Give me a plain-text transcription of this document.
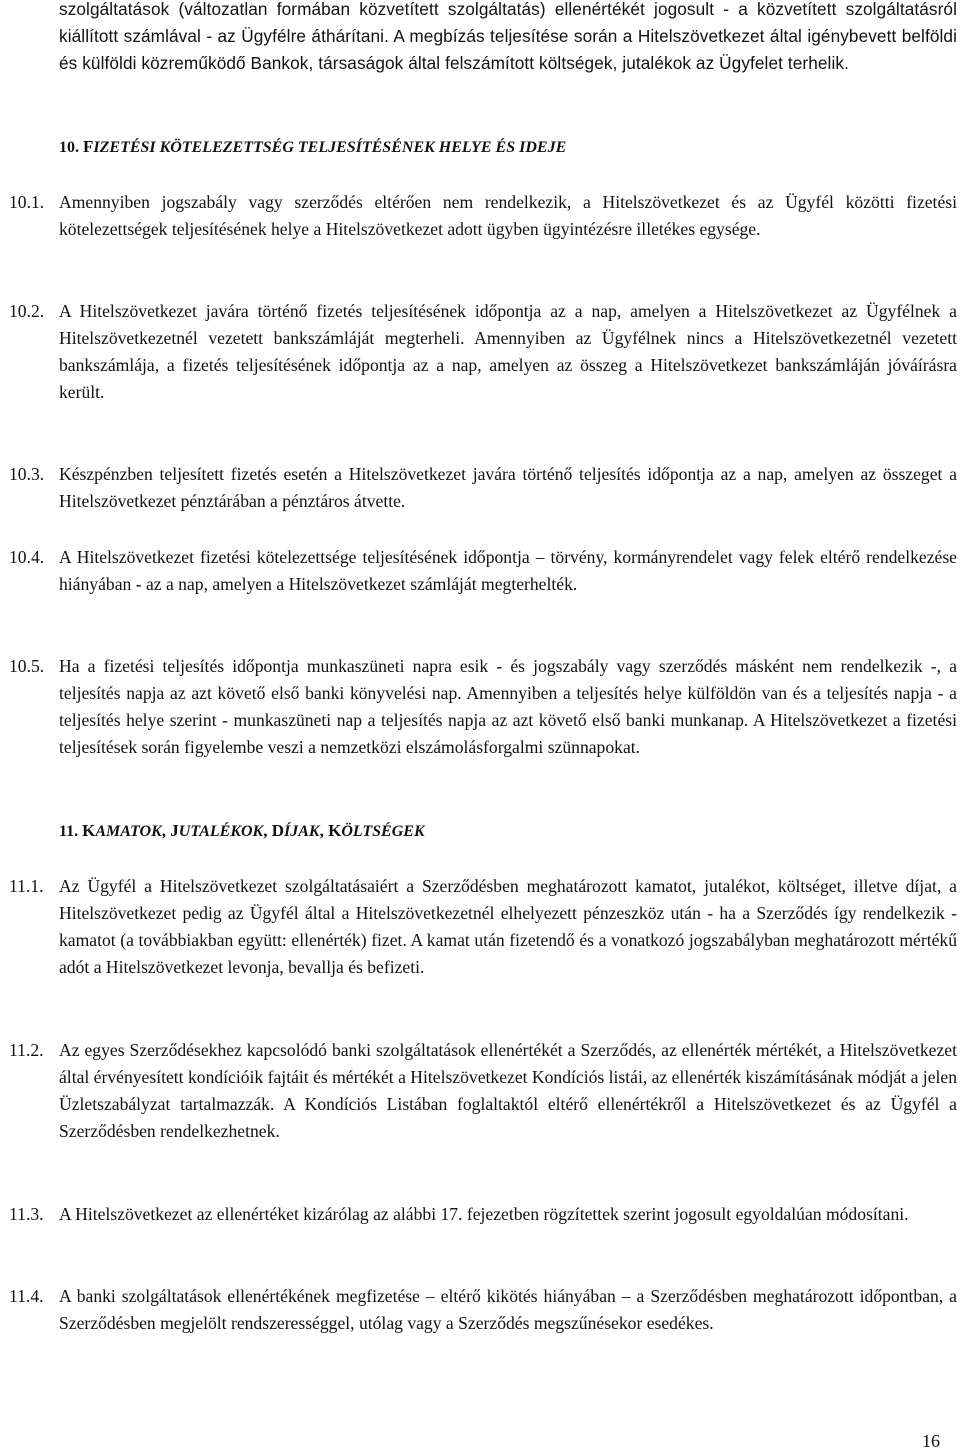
szolgáltatások (változatlan formában közvetített szolgáltatás) ellenértékét jogosult - a közvetített szolgáltatásról kiállított számlával - az Ügyfélre áthárítani. A megbízás teljesítése során a Hitelszövetkezet által igénybevett belföldi és külföldi közreműködő Bankok, társaságok által felszámított költségek, jutalékok az Ügyfelet terhelik.

10. FIZETÉSI KÖTELEZETTSÉG TELJESÍTÉSÉNEK HELYE ÉS IDEJE

10.1. Amennyiben jogszabály vagy szerződés eltérően nem rendelkezik, a Hitelszövetkezet és az Ügyfél közötti fizetési kötelezettségek teljesítésének helye a Hitelszövetkezet adott ügyben ügyintézésre illetékes egysége.

10.2. A Hitelszövetkezet javára történő fizetés teljesítésének időpontja az a nap, amelyen a Hitelszövetkezet az Ügyfélnek a Hitelszövetkezetnél vezetett bankszámláját megterheli. Amennyiben az Ügyfélnek nincs a Hitelszövetkezetnél vezetett bankszámlája, a fizetés teljesítésének időpontja az a nap, amelyen az összeg a Hitelszövetkezet bankszámláján jóváírásra került.

10.3. Készpénzben teljesített fizetés esetén a Hitelszövetkezet javára történő teljesítés időpontja az a nap, amelyen az összeget a Hitelszövetkezet pénztárában a pénztáros átvette.

10.4. A Hitelszövetkezet fizetési kötelezettsége teljesítésének időpontja – törvény, kormányrendelet vagy felek eltérő rendelkezése hiányában - az a nap, amelyen a Hitelszövetkezet számláját megterhelték.

10.5. Ha a fizetési teljesítés időpontja munkaszüneti napra esik - és jogszabály vagy szerződés másként nem rendelkezik -, a teljesítés napja az azt követő első banki könyvelési nap. Amennyiben a teljesítés helye külföldön van és a teljesítés napja - a teljesítés helye szerint - munkaszüneti nap a teljesítés napja az azt követő első banki munkanap. A Hitelszövetkezet a fizetési teljesítések során figyelembe veszi a nemzetközi elszámolásforgalmi szünnapokat.

11. KAMATOK, JUTALÉKOK, DÍJAK, KÖLTSÉGEK

11.1. Az Ügyfél a Hitelszövetkezet szolgáltatásaiért a Szerződésben meghatározott kamatot, jutalékot, költséget, illetve díjat, a Hitelszövetkezet pedig az Ügyfél által a Hitelszövetkezetnél elhelyezett pénzeszköz után - ha a Szerződés így rendelkezik - kamatot (a továbbiakban együtt: ellenérték) fizet. A kamat után fizetendő és a vonatkozó jogszabályban meghatározott mértékű adót a Hitelszövetkezet levonja, bevallja és befizeti.

11.2. Az egyes Szerződésekhez kapcsolódó banki szolgáltatások ellenértékét a Szerződés, az ellenérték mértékét, a Hitelszövetkezet által érvényesített kondícióik fajtáit és mértékét a Hitelszövetkezet Kondíciós listái, az ellenérték kiszámításának módját a jelen Üzletszabályzat tartalmazzák. A Kondíciós Listában foglaltaktól eltérő ellenértékről a Hitelszövetkezet és az Ügyfél a Szerződésben rendelkezhetnek.

11.3. A Hitelszövetkezet az ellenértéket kizárólag az alábbi 17. fejezetben rögzítettek szerint jogosult egyoldalúan módosítani.

11.4. A banki szolgáltatások ellenértékének megfizetése – eltérő kikötés hiányában – a Szerződésben meghatározott időpontban, a Szerződésben megjelölt rendszerességgel, utólag vagy a Szerződés megszűnésekor esedékes.

16
